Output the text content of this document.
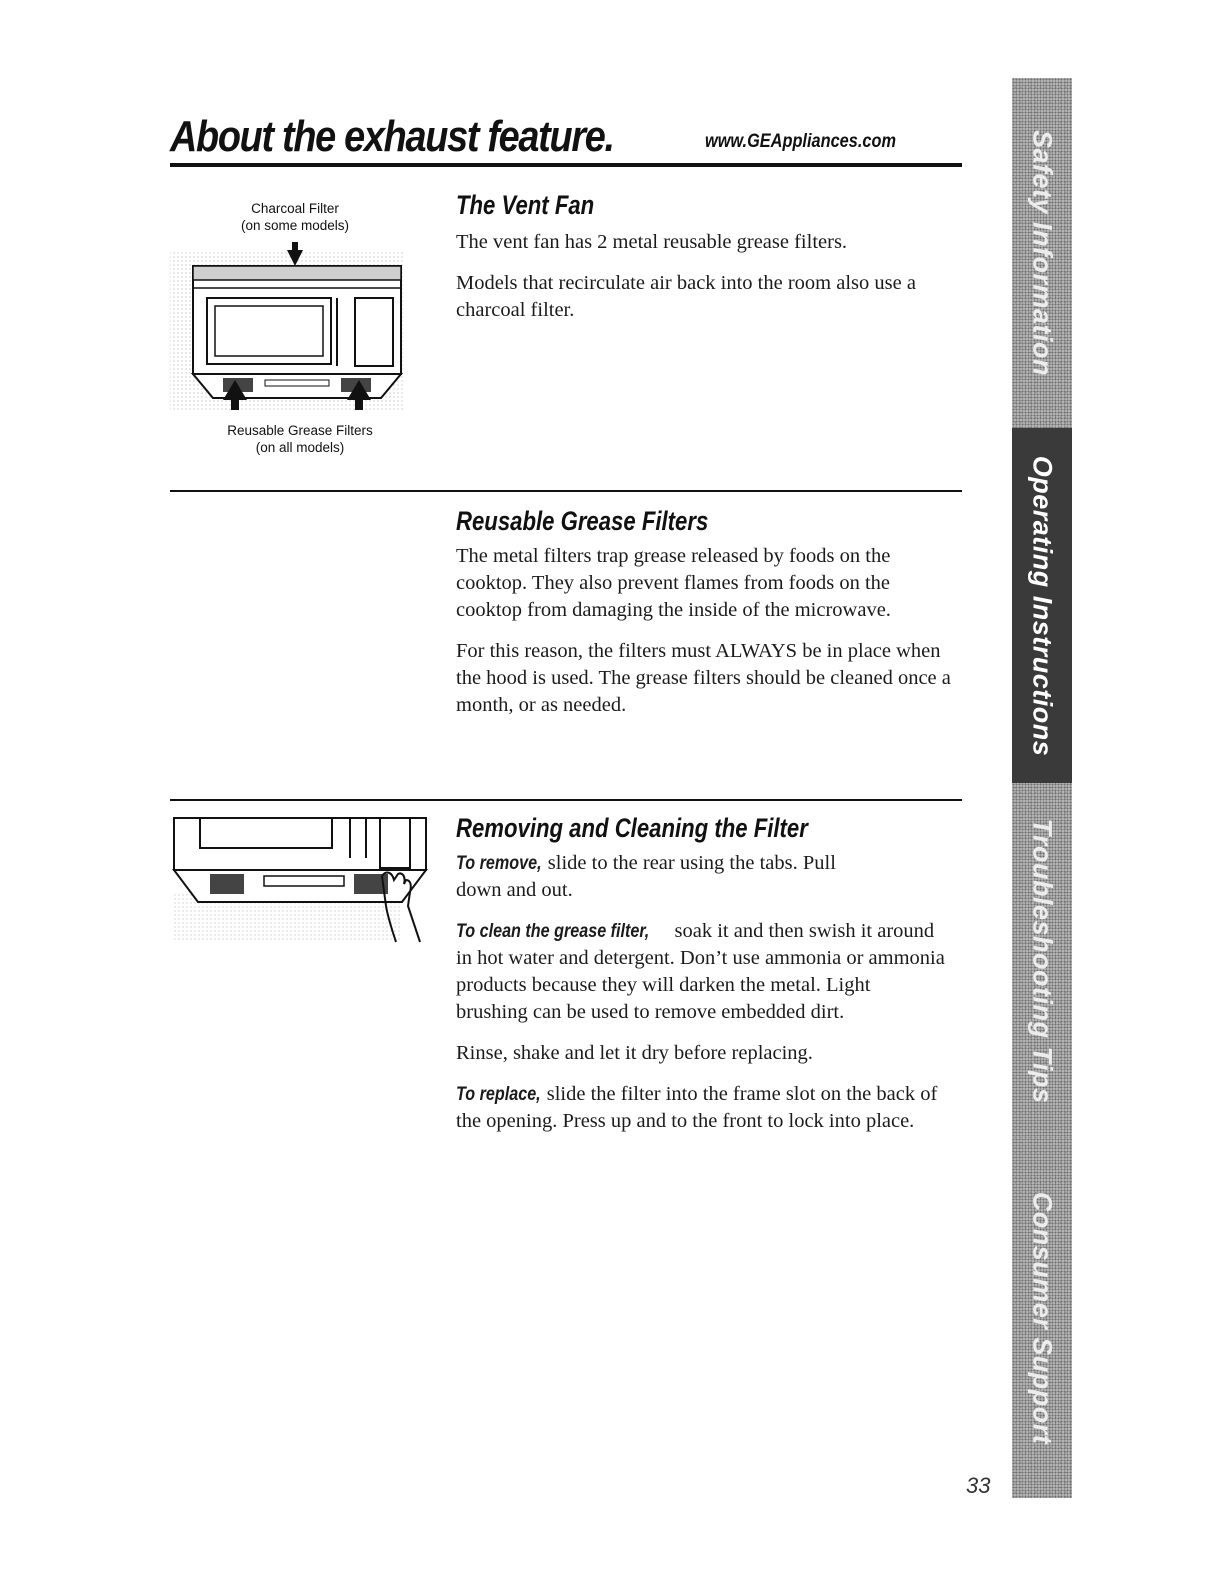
About the exhaust feature.	www.GEAppliances.com
Charcoal Filter
(on some models)
Reusable Grease Filters
(on all models)
The Vent Fan

The vent fan has 2 metal reusable grease filters.

Models that recirculate air back into the room also use a charcoal filter.

Reusable Grease Filters

The metal filters trap grease released by foods on the cooktop. They also prevent flames from foods on the cooktop from damaging the inside of the microwave.

For this reason, the filters must ALWAYS be in place when the hood is used. The grease filters should be cleaned once a month, or as needed.

Removing and Cleaning the Filter

To remove, slide to the rear using the tabs. Pull down and out.

To clean the grease filter, soak it and then swish it around in hot water and detergent. Don’t use ammonia or ammonia products because they will darken the metal. Light brushing can be used to remove embedded dirt.

Rinse, shake and let it dry before replacing.

To replace, slide the filter into the frame slot on the back of the opening. Press up and to the front to lock into place.

Safety Information
Operating Instructions
Troubleshooting Tips
Consumer Support
33
